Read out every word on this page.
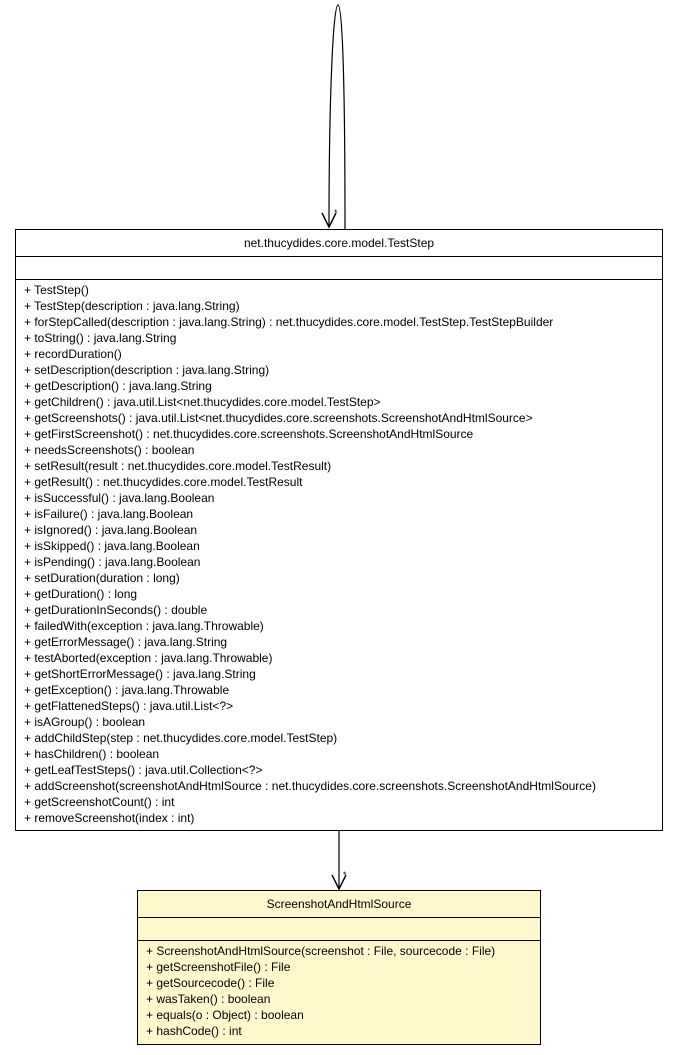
*
*
net.thucydides.core.model.TestStep
+ TestStep()
+ TestStep(description : java.lang.String)
+ forStepCalled(description : java.lang.String) : net.thucydides.core.model.TestStep.TestStepBuilder
+ toString() : java.lang.String
+ recordDuration()
+ setDescription(description : java.lang.String)
+ getDescription() : java.lang.String
+ getChildren() : java.util.List<net.thucydides.core.model.TestStep>
+ getScreenshots() : java.util.List<net.thucydides.core.screenshots.ScreenshotAndHtmlSource>
+ getFirstScreenshot() : net.thucydides.core.screenshots.ScreenshotAndHtmlSource
+ needsScreenshots() : boolean
+ setResult(result : net.thucydides.core.model.TestResult)
+ getResult() : net.thucydides.core.model.TestResult
+ isSuccessful() : java.lang.Boolean
+ isFailure() : java.lang.Boolean
+ isIgnored() : java.lang.Boolean
+ isSkipped() : java.lang.Boolean
+ isPending() : java.lang.Boolean
+ setDuration(duration : long)
+ getDuration() : long
+ getDurationInSeconds() : double
+ failedWith(exception : java.lang.Throwable)
+ getErrorMessage() : java.lang.String
+ testAborted(exception : java.lang.Throwable)
+ getShortErrorMessage() : java.lang.String
+ getException() : java.lang.Throwable
+ getFlattenedSteps() : java.util.List<?>
+ isAGroup() : boolean
+ addChildStep(step : net.thucydides.core.model.TestStep)
+ hasChildren() : boolean
+ getLeafTestSteps() : java.util.Collection<?>
+ addScreenshot(screenshotAndHtmlSource : net.thucydides.core.screenshots.ScreenshotAndHtmlSource)
+ getScreenshotCount() : int
+ removeScreenshot(index : int)
ScreenshotAndHtmlSource
+ ScreenshotAndHtmlSource(screenshot : File, sourcecode : File)
+ getScreenshotFile() : File
+ getSourcecode() : File
+ wasTaken() : boolean
+ equals(o : Object) : boolean
+ hashCode() : int
